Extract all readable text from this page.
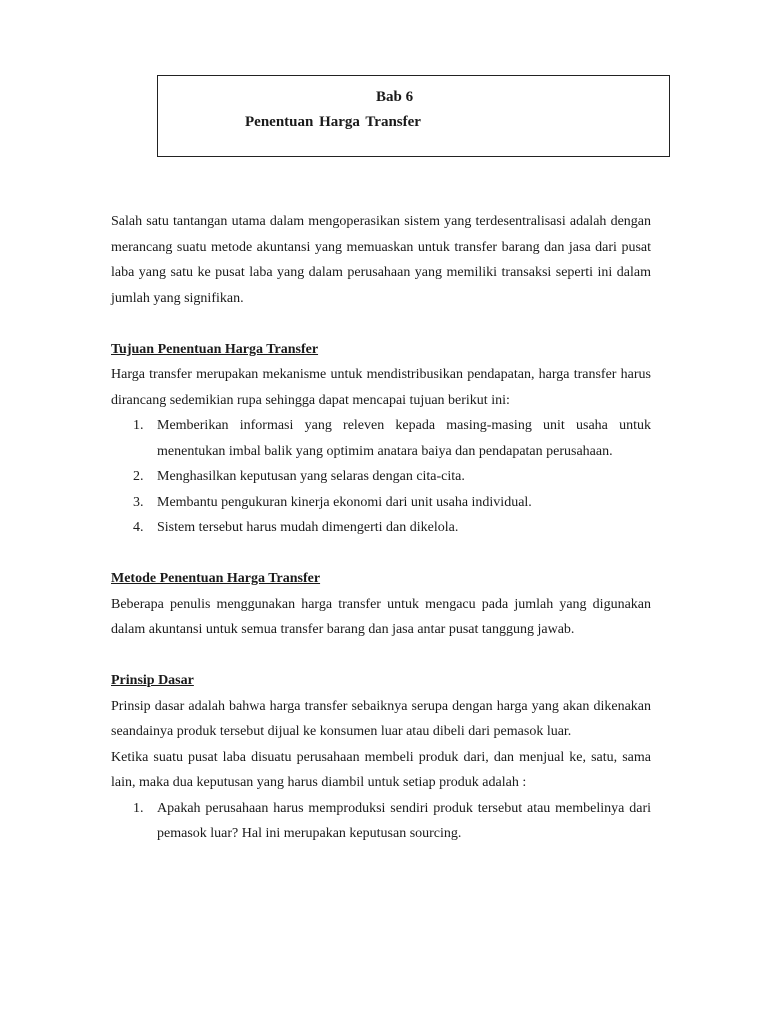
Bab 6
Penentuan Harga Transfer

Salah satu tantangan utama dalam mengoperasikan sistem yang terdesentralisasi adalah dengan merancang suatu metode akuntansi yang memuaskan untuk transfer barang dan jasa dari pusat laba yang satu ke pusat laba yang dalam perusahaan yang memiliki transaksi seperti ini dalam jumlah yang signifikan.

Tujuan Penentuan Harga Transfer

Harga transfer merupakan mekanisme untuk mendistribusikan pendapatan, harga transfer harus dirancang sedemikian rupa sehingga dapat mencapai tujuan berikut ini:

1. Memberikan informasi yang releven kepada masing-masing unit usaha untuk menentukan imbal balik yang optimim anatara baiya dan pendapatan perusahaan.
2. Menghasilkan keputusan yang selaras dengan cita-cita.
3. Membantu pengukuran kinerja ekonomi dari unit usaha individual.
4. Sistem tersebut harus mudah dimengerti dan dikelola.

Metode Penentuan Harga Transfer

Beberapa penulis menggunakan harga transfer untuk mengacu pada jumlah yang digunakan dalam akuntansi untuk semua transfer barang dan jasa antar pusat tanggung jawab.

Prinsip Dasar

Prinsip dasar adalah bahwa harga transfer sebaiknya serupa dengan harga yang akan dikenakan seandainya produk tersebut dijual ke konsumen luar atau dibeli dari pemasok luar.

Ketika suatu pusat laba disuatu perusahaan membeli produk dari, dan menjual ke, satu, sama lain, maka dua keputusan yang harus diambil untuk setiap produk adalah :

1. Apakah perusahaan harus memproduksi sendiri produk tersebut atau membelinya dari pemasok luar? Hal ini merupakan keputusan sourcing.
